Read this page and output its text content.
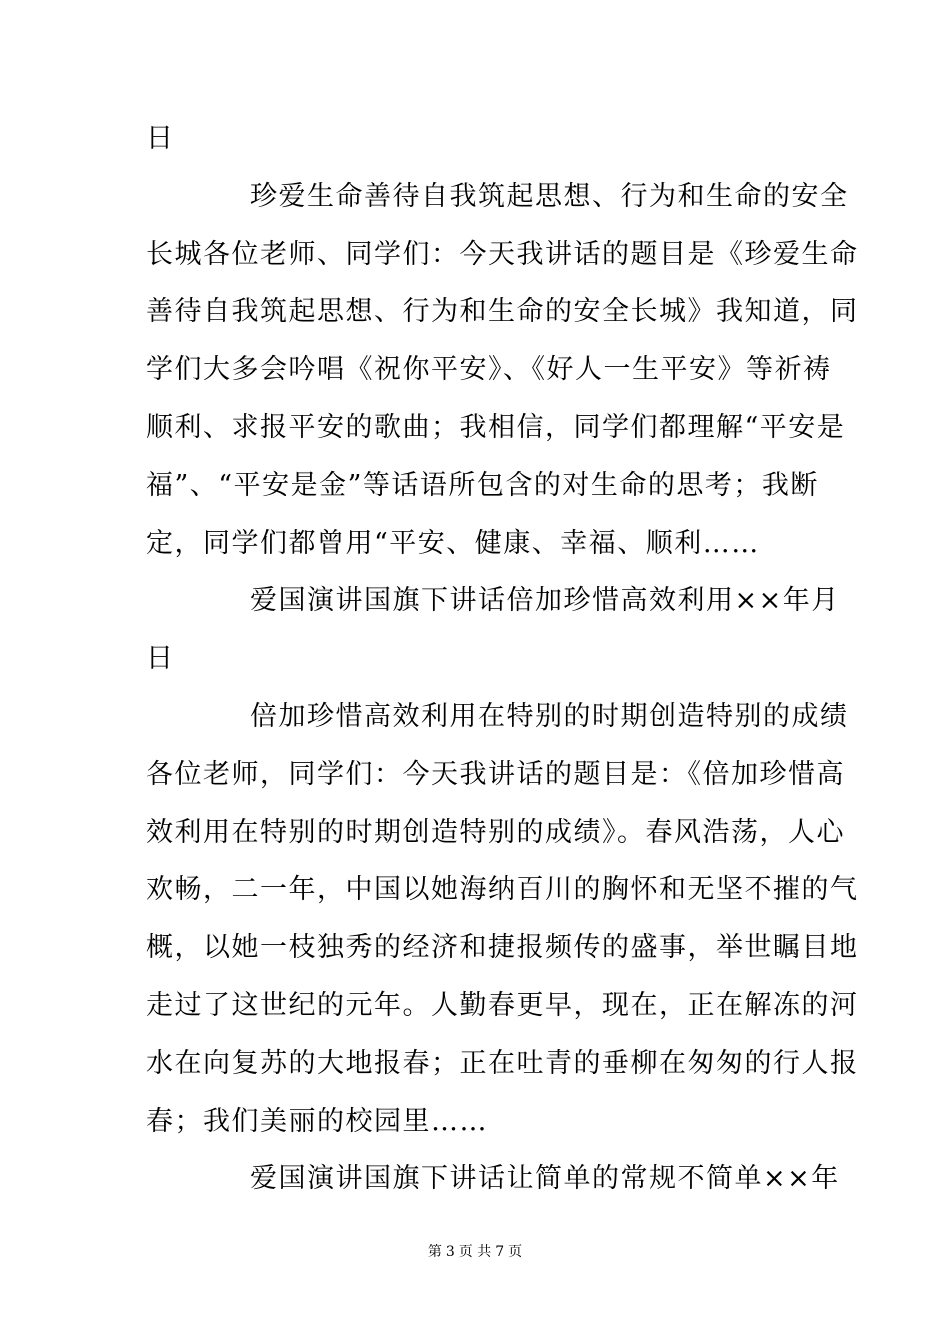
日
珍爱生命善待自我筑起思想、行为和生命的安全
长城各位老师、同学们：今天我讲话的题目是《珍爱生命
善待自我筑起思想、行为和生命的安全长城》我知道，同
学们大多会吟唱《祝你平安》、《好人一生平安》等祈祷
顺利、求报平安的歌曲；我相信，同学们都理解“平安是
福”、“平安是金”等话语所包含的对生命的思考；我断
定，同学们都曾用“平安、健康、幸福、顺利……
爱国演讲国旗下讲话倍加珍惜高效利用××年月
日
倍加珍惜高效利用在特别的时期创造特别的成绩
各位老师，同学们：今天我讲话的题目是：《倍加珍惜高
效利用在特别的时期创造特别的成绩》。春风浩荡，人心
欢畅，二一年，中国以她海纳百川的胸怀和无坚不摧的气
概，以她一枝独秀的经济和捷报频传的盛事，举世瞩目地
走过了这世纪的元年。人勤春更早，现在，正在解冻的河
水在向复苏的大地报春；正在吐青的垂柳在匆匆的行人报
春；我们美丽的校园里……
爱国演讲国旗下讲话让简单的常规不简单××年
第 3 页 共 7 页
